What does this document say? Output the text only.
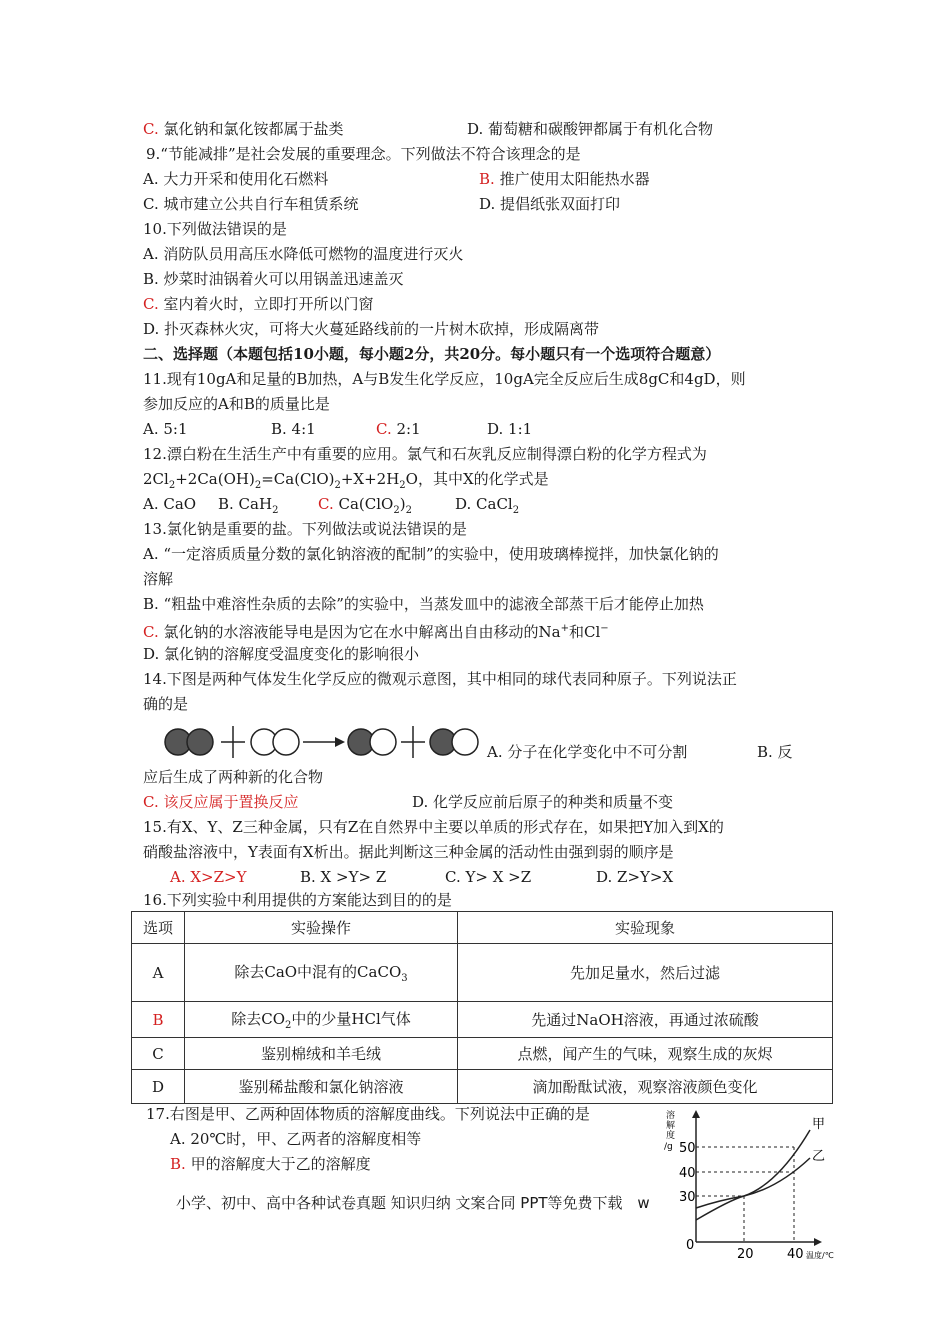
C. 氯化钠和氯化铵都属于盐类	D. 葡萄糖和碳酸钾都属于有机化合物
9.“节能减排”是社会发展的重要理念。下列做法不符合该理念的是
A. 大力开采和使用化石燃料	B. 推广使用太阳能热水器
C. 城市建立公共自行车租赁系统	D. 提倡纸张双面打印
10.下列做法错误的是
A. 消防队员用高压水降低可燃物的温度进行灭火
B. 炒菜时油锅着火可以用锅盖迅速盖灭
C. 室内着火时，立即打开所以门窗
D. 扑灭森林火灾，可将大火蔓延路线前的一片树木砍掉，形成隔离带
二、选择题（本题包括10小题，每小题2分，共20分。每小题只有一个选项符合题意）
11.现有10gA和足量的B加热，A与B发生化学反应，10gA完全反应后生成8gC和4gD，则
参加反应的A和B的质量比是
A. 5:1	B. 4:1	C. 2:1	D. 1:1
12.漂白粉在生活生产中有重要的应用。氯气和石灰乳反应制得漂白粉的化学方程式为
$2Cl_2+2Ca(OH)_2=Ca(ClO)_2+X+2H_2O$，其中X的化学式是
A. CaO B. CaH$_2$	C. $Ca(ClO_2)_2$	D. CaCl$_2$
13.氯化钠是重要的盐。下列做法或说法错误的是
A. “一定溶质质量分数的氯化钠溶液的配制”的实验中，使用玻璃棒搅拌，加快氯化钠的
溶解
B. “粗盐中难溶性杂质的去除”的实验中，当蒸发皿中的滤液全部蒸干后才能停止加热
C. 氯化钠的水溶液能导电是因为它在水中解离出自由移动的Na+和Cl−
D. 氯化钠的溶解度受温度变化的影响很小
14.下图是两种气体发生化学反应的微观示意图，其中相同的球代表同种原子。下列说法正
确的是
A. 分子在化学变化中不可分割	B. 反
应后生成了两种新的化合物
C. 该反应属于置换反应	D. 化学反应前后原子的种类和质量不变
15.有X、Y、Z三种金属，只有Z在自然界中主要以单质的形式存在，如果把Y加入到X的
硝酸盐溶液中，Y表面有X析出。据此判断这三种金属的活动性由强到弱的顺序是
A. X>Z>Y	B. X >Y> Z	C. Y> X >Z	D. Z>Y>X
16.下列实验中利用提供的方案能达到目的的是
选项	实验操作	实验现象
A	除去CaO中混有的CaCO$_3$	先加足量水，然后过滤
B	除去$CO_2$中的少量HCl气体	先通过NaOH溶液，再通过浓硫酸
C	鉴别棉绒和羊毛绒	点燃，闻产生的气味，观察生成的灰烬
D	鉴别稀盐酸和氯化钠溶液	滴加酚酞试液，观察溶液颜色变化
17.右图是甲、乙两种固体物质的溶解度曲线。下列说法中正确的是
A. 20℃时，甲、乙两者的溶解度相等
B. 甲的溶解度大于乙的溶解度
溶解度/g 50
40
30
0
甲
乙
20	40 温度/℃
小学、初中、高中各种试卷真题 知识归纳 文案合同 PPT等免费下载 w
